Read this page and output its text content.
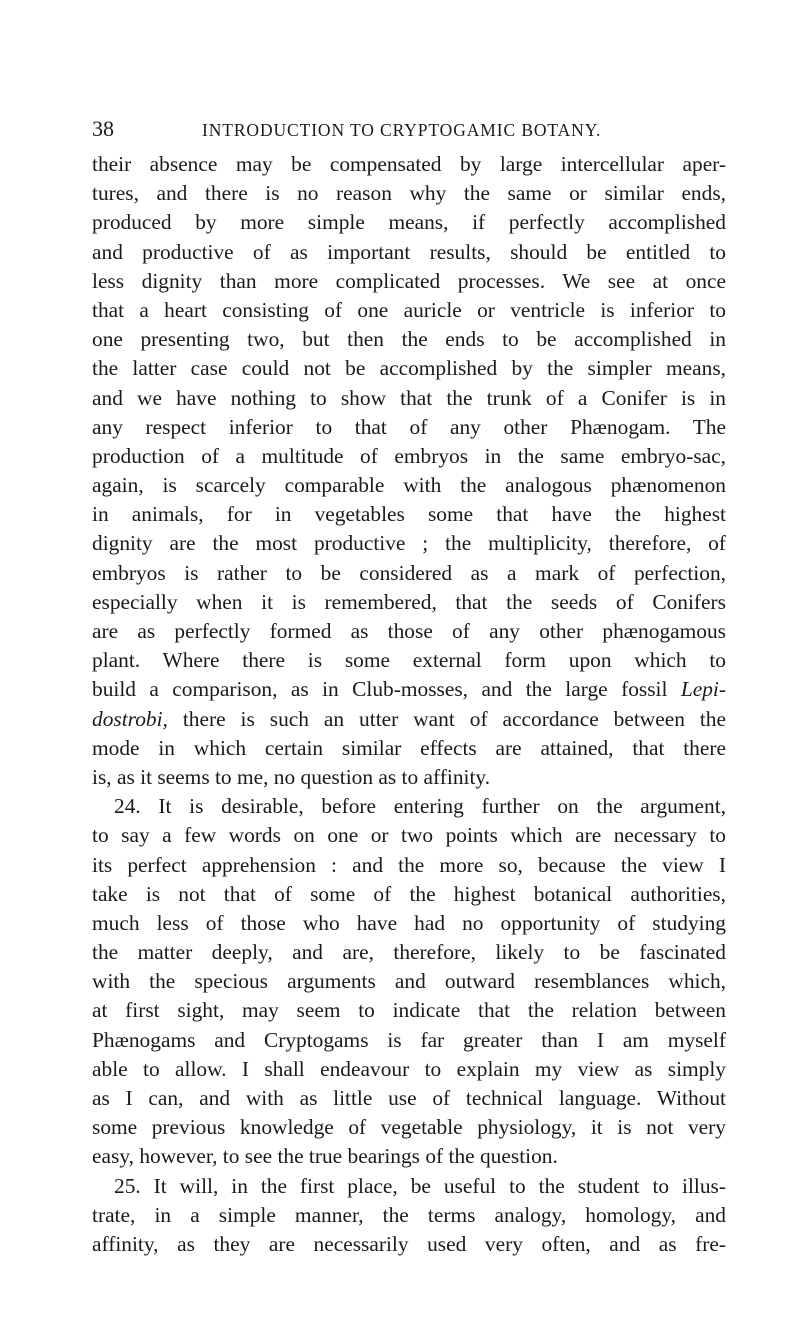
38	INTRODUCTION TO CRYPTOGAMIC BOTANY.
their absence may be compensated by large intercellular aper-
tures, and there is no reason why the same or similar ends,
produced by more simple means, if perfectly accomplished
and productive of as important results, should be entitled to
less dignity than more complicated processes. We see at once
that a heart consisting of one auricle or ventricle is inferior to
one presenting two, but then the ends to be accomplished in
the latter case could not be accomplished by the simpler means,
and we have nothing to show that the trunk of a Conifer is in
any respect inferior to that of any other Phænogam. The
production of a multitude of embryos in the same embryo-sac,
again, is scarcely comparable with the analogous phænomenon
in animals, for in vegetables some that have the highest
dignity are the most productive ; the multiplicity, therefore, of
embryos is rather to be considered as a mark of perfection,
especially when it is remembered, that the seeds of Conifers
are as perfectly formed as those of any other phænogamous
plant. Where there is some external form upon which to
build a comparison, as in Club-mosses, and the large fossil Lepi-
dostrobi, there is such an utter want of accordance between the
mode in which certain similar effects are attained, that there
is, as it seems to me, no question as to affinity.
24. It is desirable, before entering further on the argument,
to say a few words on one or two points which are necessary to
its perfect apprehension : and the more so, because the view I
take is not that of some of the highest botanical authorities,
much less of those who have had no opportunity of studying
the matter deeply, and are, therefore, likely to be fascinated
with the specious arguments and outward resemblances which,
at first sight, may seem to indicate that the relation between
Phænogams and Cryptogams is far greater than I am myself
able to allow. I shall endeavour to explain my view as simply
as I can, and with as little use of technical language. Without
some previous knowledge of vegetable physiology, it is not very
easy, however, to see the true bearings of the question.
25. It will, in the first place, be useful to the student to illus-
trate, in a simple manner, the terms analogy, homology, and
affinity, as they are necessarily used very often, and as fre-
